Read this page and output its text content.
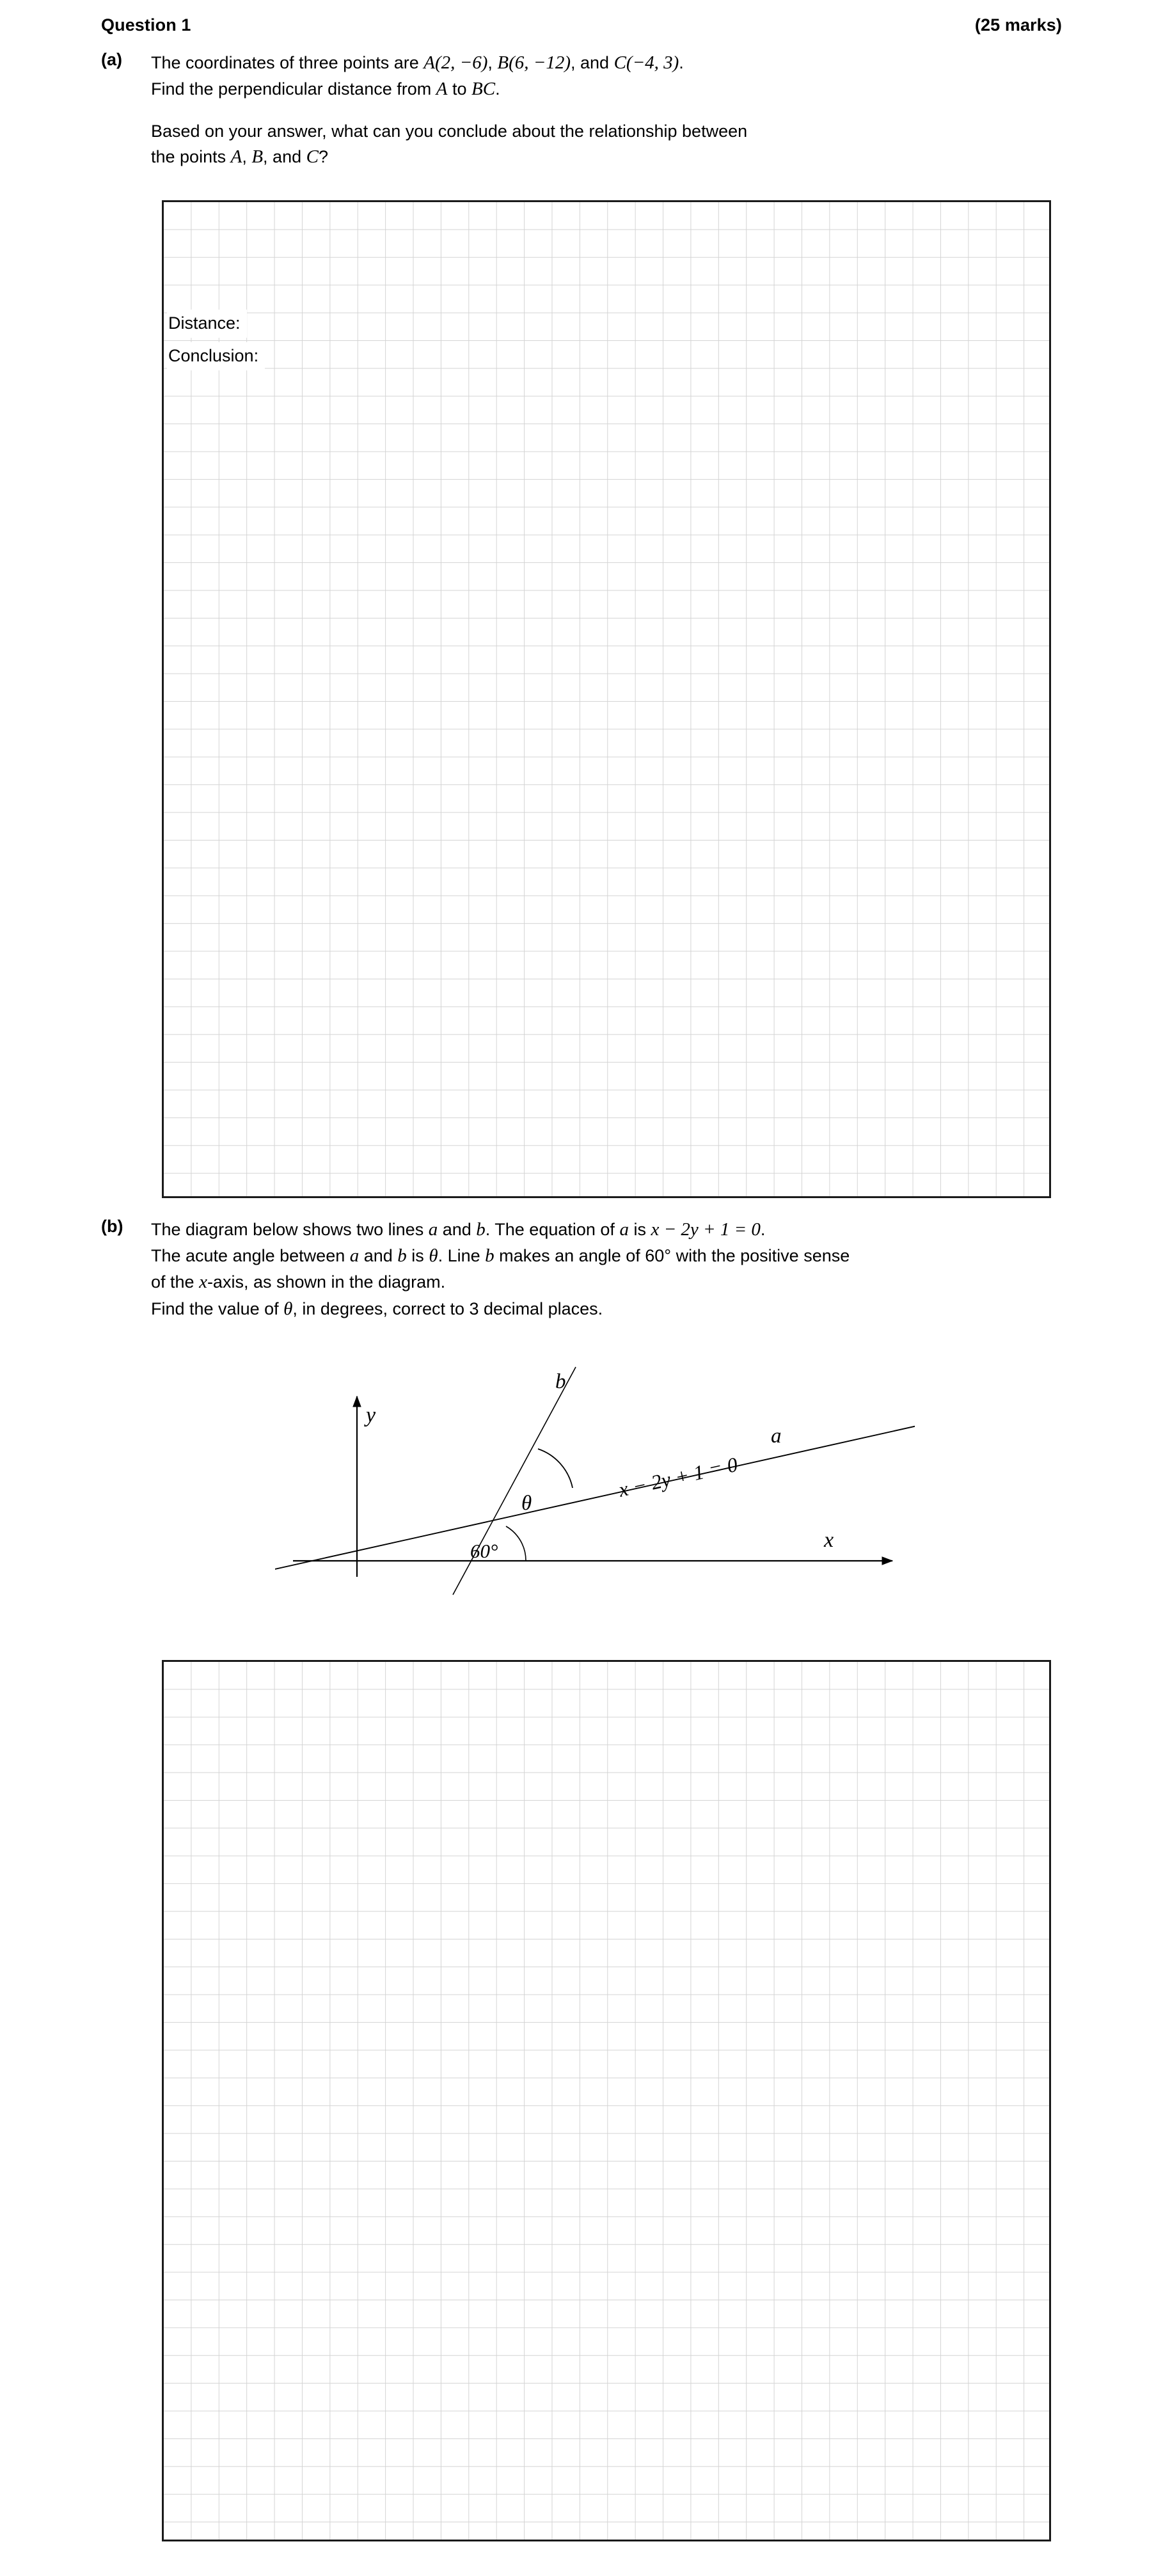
Question 1	(25 marks)
(a)	The coordinates of three points are A(2, −6), B(6, −12), and C(−4, 3).

Find the perpendicular distance from A to BC.

Based on your answer, what can you conclude about the relationship between

the points A, B, and C?

Distance:
Conclusion:
(b)	The diagram below shows two lines a and b. The equation of a is x − 2y + 1 = 0.

The acute angle between a and b is θ. Line b makes an angle of 60° with the positive sense

of the x-axis, as shown in the diagram.

Find the value of θ, in degrees, correct to 3 decimal places.

y
x
b
a
x − 2y + 1 = 0
θ
60°
